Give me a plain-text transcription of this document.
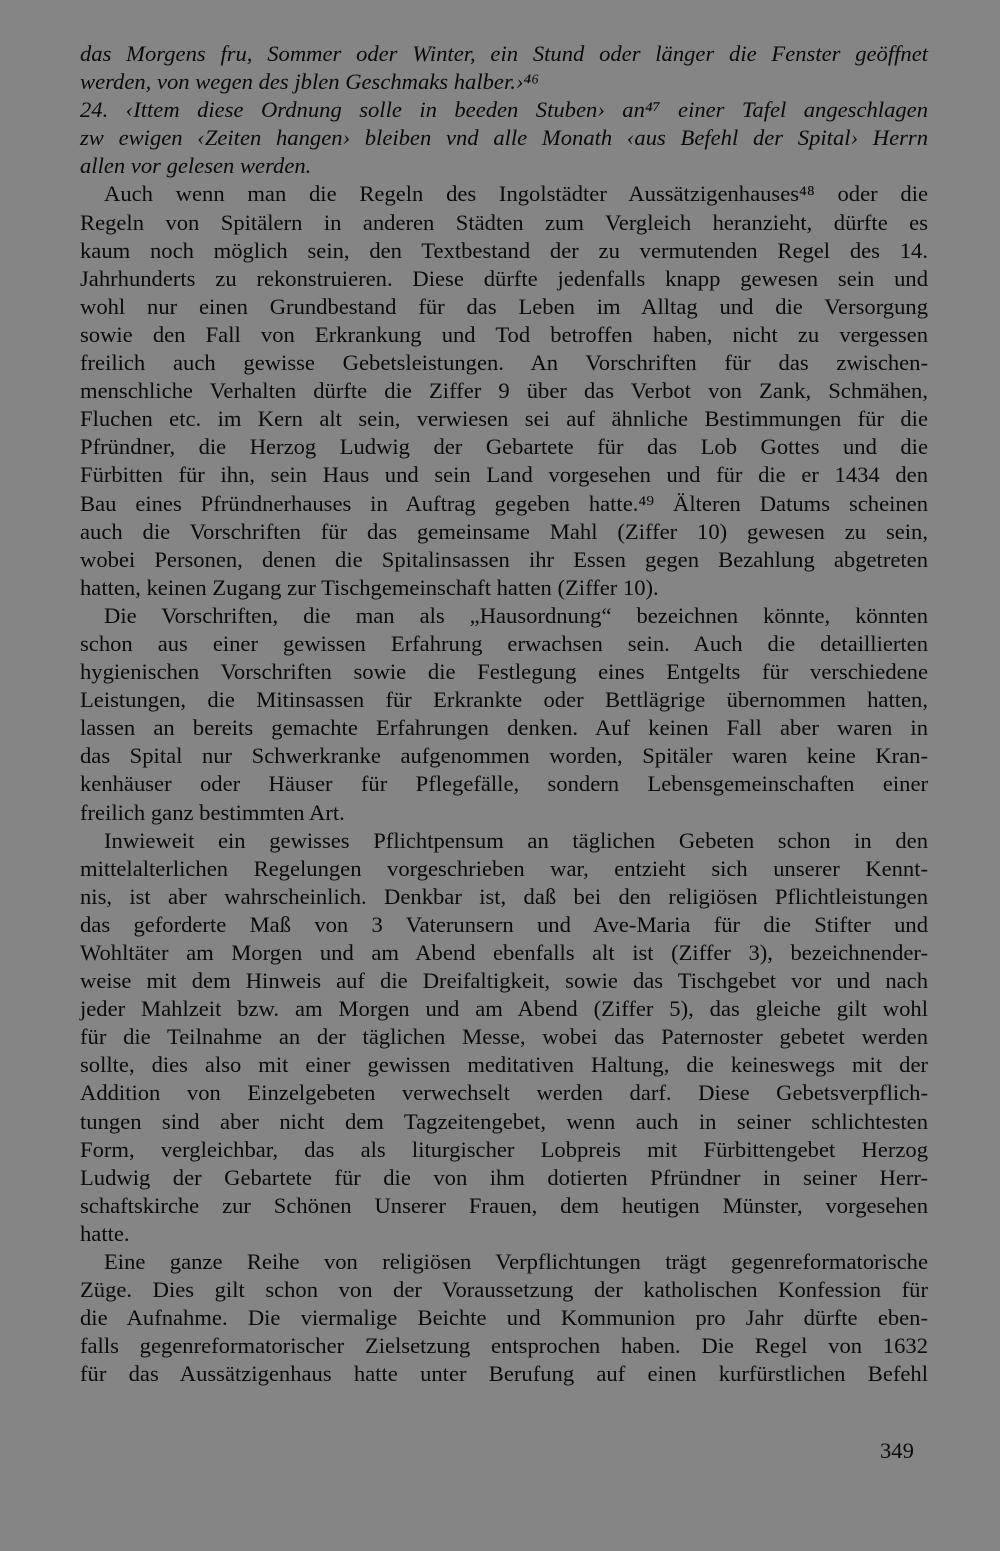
das Morgens fru, Sommer oder Winter, ein Stund oder länger die Fenster geöffnet
werden, von wegen des jblen Geschmaks halber.›⁴⁶
24. ‹Ittem diese Ordnung solle in beeden Stuben› an⁴⁷ einer Tafel angeschlagen
zw ewigen ‹Zeiten hangen› bleiben vnd alle Monath ‹aus Befehl der Spital› Herrn
allen vor gelesen werden.
Auch wenn man die Regeln des Ingolstädter Aussätzigenhauses⁴⁸ oder die
Regeln von Spitälern in anderen Städten zum Vergleich heranzieht, dürfte es
kaum noch möglich sein, den Textbestand der zu vermutenden Regel des 14.
Jahrhunderts zu rekonstruieren. Diese dürfte jedenfalls knapp gewesen sein und
wohl nur einen Grundbestand für das Leben im Alltag und die Versorgung
sowie den Fall von Erkrankung und Tod betroffen haben, nicht zu vergessen
freilich auch gewisse Gebetsleistungen. An Vorschriften für das zwischen-
menschliche Verhalten dürfte die Ziffer 9 über das Verbot von Zank, Schmähen,
Fluchen etc. im Kern alt sein, verwiesen sei auf ähnliche Bestimmungen für die
Pfründner, die Herzog Ludwig der Gebartete für das Lob Gottes und die
Fürbitten für ihn, sein Haus und sein Land vorgesehen und für die er 1434 den
Bau eines Pfründnerhauses in Auftrag gegeben hatte.⁴⁹ Älteren Datums scheinen
auch die Vorschriften für das gemeinsame Mahl (Ziffer 10) gewesen zu sein,
wobei Personen, denen die Spitalinsassen ihr Essen gegen Bezahlung abgetreten
hatten, keinen Zugang zur Tischgemeinschaft hatten (Ziffer 10).
Die Vorschriften, die man als „Hausordnung“ bezeichnen könnte, könnten
schon aus einer gewissen Erfahrung erwachsen sein. Auch die detaillierten
hygienischen Vorschriften sowie die Festlegung eines Entgelts für verschiedene
Leistungen, die Mitinsassen für Erkrankte oder Bettlägrige übernommen hatten,
lassen an bereits gemachte Erfahrungen denken. Auf keinen Fall aber waren in
das Spital nur Schwerkranke aufgenommen worden, Spitäler waren keine Kran-
kenhäuser oder Häuser für Pflegefälle, sondern Lebensgemeinschaften einer
freilich ganz bestimmten Art.
Inwieweit ein gewisses Pflichtpensum an täglichen Gebeten schon in den
mittelalterlichen Regelungen vorgeschrieben war, entzieht sich unserer Kennt-
nis, ist aber wahrscheinlich. Denkbar ist, daß bei den religiösen Pflichtleistungen
das geforderte Maß von 3 Vaterunsern und Ave-Maria für die Stifter und
Wohltäter am Morgen und am Abend ebenfalls alt ist (Ziffer 3), bezeichnender-
weise mit dem Hinweis auf die Dreifaltigkeit, sowie das Tischgebet vor und nach
jeder Mahlzeit bzw. am Morgen und am Abend (Ziffer 5), das gleiche gilt wohl
für die Teilnahme an der täglichen Messe, wobei das Paternoster gebetet werden
sollte, dies also mit einer gewissen meditativen Haltung, die keineswegs mit der
Addition von Einzelgebeten verwechselt werden darf. Diese Gebetsverpflich-
tungen sind aber nicht dem Tagzeitengebet, wenn auch in seiner schlichtesten
Form, vergleichbar, das als liturgischer Lobpreis mit Fürbittengebet Herzog
Ludwig der Gebartete für die von ihm dotierten Pfründner in seiner Herr-
schaftskirche zur Schönen Unserer Frauen, dem heutigen Münster, vorgesehen
hatte.
Eine ganze Reihe von religiösen Verpflichtungen trägt gegenreformatorische
Züge. Dies gilt schon von der Voraussetzung der katholischen Konfession für
die Aufnahme. Die viermalige Beichte und Kommunion pro Jahr dürfte eben-
falls gegenreformatorischer Zielsetzung entsprochen haben. Die Regel von 1632
für das Aussätzigenhaus hatte unter Berufung auf einen kurfürstlichen Befehl
349
